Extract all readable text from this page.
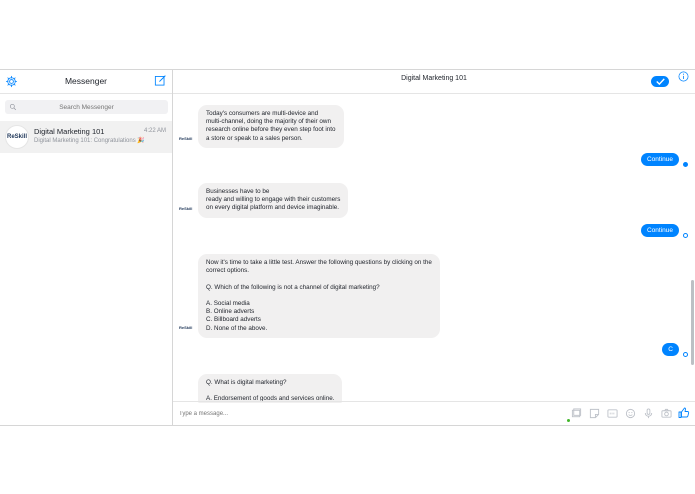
Messenger
Search Messenger
ReSkill
Digital Marketing 101	4:22 AM
Digital Marketing 101: Congratulations 🎉
Digital Marketing 101

Today's consumers are multi-device and
multi-channel, doing the majority of their own
research online before they even step foot into
a store or speak to a sales person.

ReSkill
Continue

Businesses have to be
ready and willing to engage with their customers
on every digital platform and device imaginable.

ReSkill
Continue

Now it's time to take a little test. Answer the following questions by clicking on the
correct options.

Q. Which of the following is not a channel of digital marketing?

A. Social media
B. Online adverts
C. Billboard adverts
D. None of the above.

ReSkill
C

Q. What is digital marketing?

A. Endorsement of goods and services online.

Type a message...
